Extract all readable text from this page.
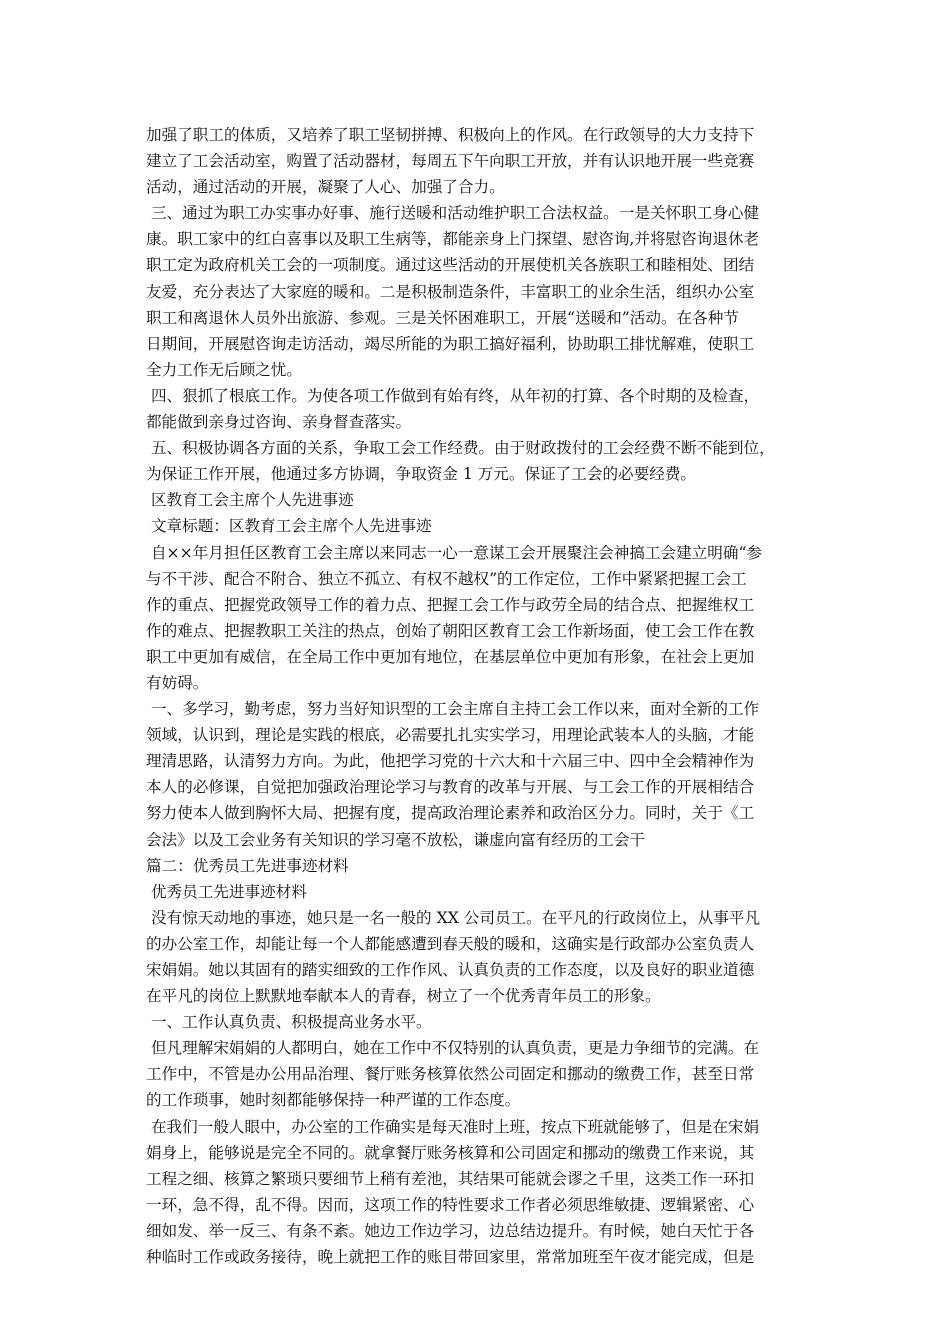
加强了职工的体质，又培养了职工坚韧拼搏、积极向上的作风。在行政领导的大力支持下
建立了工会活动室，购置了活动器材，每周五下午向职工开放，并有认识地开展一些竞赛
活动，通过活动的开展，凝聚了人心、加强了合力。
三、通过为职工办实事办好事、施行送暖和活动维护职工合法权益。一是关怀职工身心健
康。职工家中的红白喜事以及职工生病等，都能亲身上门探望、慰咨询,并将慰咨询退休老
职工定为政府机关工会的一项制度。通过这些活动的开展使机关各族职工和睦相处、团结
友爱，充分表达了大家庭的暖和。二是积极制造条件，丰富职工的业余生活，组织办公室
职工和离退休人员外出旅游、参观。三是关怀困难职工，开展“送暖和”活动。在各种节
日期间，开展慰咨询走访活动，竭尽所能的为职工搞好福利，协助职工排忧解难，使职工
全力工作无后顾之忧。
四、狠抓了根底工作。为使各项工作做到有始有终，从年初的打算、各个时期的及检查，
都能做到亲身过咨询、亲身督查落实。
五、积极协调各方面的关系，争取工会工作经费。由于财政拨付的工会经费不断不能到位，
为保证工作开展，他通过多方协调，争取资金 1 万元。保证了工会的必要经费。
区教育工会主席个人先进事迹
文章标题：区教育工会主席个人先进事迹
自××年月担任区教育工会主席以来同志一心一意谋工会开展聚注会神搞工会建立明确“参
与不干涉、配合不附合、独立不孤立、有权不越权”的工作定位，工作中紧紧把握工会工
作的重点、把握党政领导工作的着力点、把握工会工作与政劳全局的结合点、把握维权工
作的难点、把握教职工关注的热点，创始了朝阳区教育工会工作新场面，使工会工作在教
职工中更加有威信，在全局工作中更加有地位，在基层单位中更加有形象，在社会上更加
有妨碍。
一、多学习，勤考虑，努力当好知识型的工会主席自主持工会工作以来，面对全新的工作
领域，认识到，理论是实践的根底，必需要扎扎实实学习，用理论武装本人的头脑，才能
理清思路，认清努力方向。为此，他把学习党的十六大和十六届三中、四中全会精神作为
本人的必修课，自觉把加强政治理论学习与教育的改革与开展、与工会工作的开展相结合
努力使本人做到胸怀大局、把握有度，提高政治理论素养和政治区分力。同时，关于《工
会法》以及工会业务有关知识的学习毫不放松，谦虚向富有经历的工会干
篇二：优秀员工先进事迹材料
优秀员工先进事迹材料
没有惊天动地的事迹，她只是一名一般的 XX 公司员工。在平凡的行政岗位上，从事平凡
的办公室工作，却能让每一个人都能感遭到春天般的暖和，这确实是行政部办公室负责人
宋娟娟。她以其固有的踏实细致的工作作风、认真负责的工作态度，以及良好的职业道德
在平凡的岗位上默默地奉献本人的青春，树立了一个优秀青年员工的形象。
一、工作认真负责、积极提高业务水平。
但凡理解宋娟娟的人都明白，她在工作中不仅特别的认真负责，更是力争细节的完满。在
工作中，不管是办公用品治理、餐厅账务核算依然公司固定和挪动的缴费工作，甚至日常
的工作琐事，她时刻都能够保持一种严谨的工作态度。
在我们一般人眼中，办公室的工作确实是每天准时上班，按点下班就能够了，但是在宋娟
娟身上，能够说是完全不同的。就拿餐厅账务核算和公司固定和挪动的缴费工作来说，其
工程之细、核算之繁琐只要细节上稍有差池，其结果可能就会谬之千里，这类工作一环扣
一环，急不得，乱不得。因而，这项工作的特性要求工作者必须思维敏捷、逻辑紧密、心
细如发、举一反三、有条不紊。她边工作边学习，边总结边提升。有时候，她白天忙于各
种临时工作或政务接待，晚上就把工作的账目带回家里，常常加班至午夜才能完成，但是
